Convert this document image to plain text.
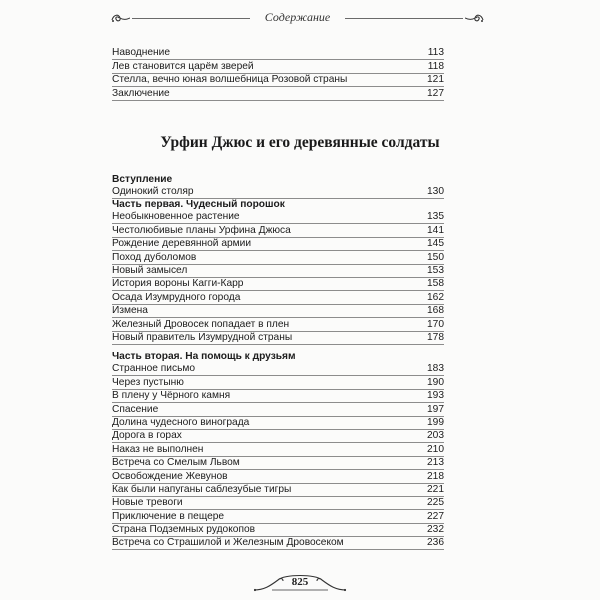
Содержание
Наводнение	113
Лев становится царём зверей	118
Стелла, вечно юная волшебница Розовой страны	121
Заключение	127
Урфин Джюс и его деревянные солдаты
Вступление
Одинокий столяр	130
Часть первая. Чудесный порошок
Необыкновенное растение	135
Честолюбивые планы Урфина Джюса	141
Рождение деревянной армии	145
Поход дуболомов	150
Новый замысел	153
История вороны Кагги-Карр	158
Осада Изумрудного города	162
Измена	168
Железный Дровосек попадает в плен	170
Новый правитель Изумрудной страны	178
Часть вторая. На помощь к друзьям
Странное письмо	183
Через пустыню	190
В плену у Чёрного камня	193
Спасение	197
Долина чудесного винограда	199
Дорога в горах	203
Наказ не выполнен	210
Встреча со Смелым Львом	213
Освобождение Жевунов	218
Как были напуганы саблезубые тигры	221
Новые тревоги	225
Приключение в пещере	227
Страна Подземных рудокопов	232
Встреча со Страшилой и Железным Дровосеком	236
825
